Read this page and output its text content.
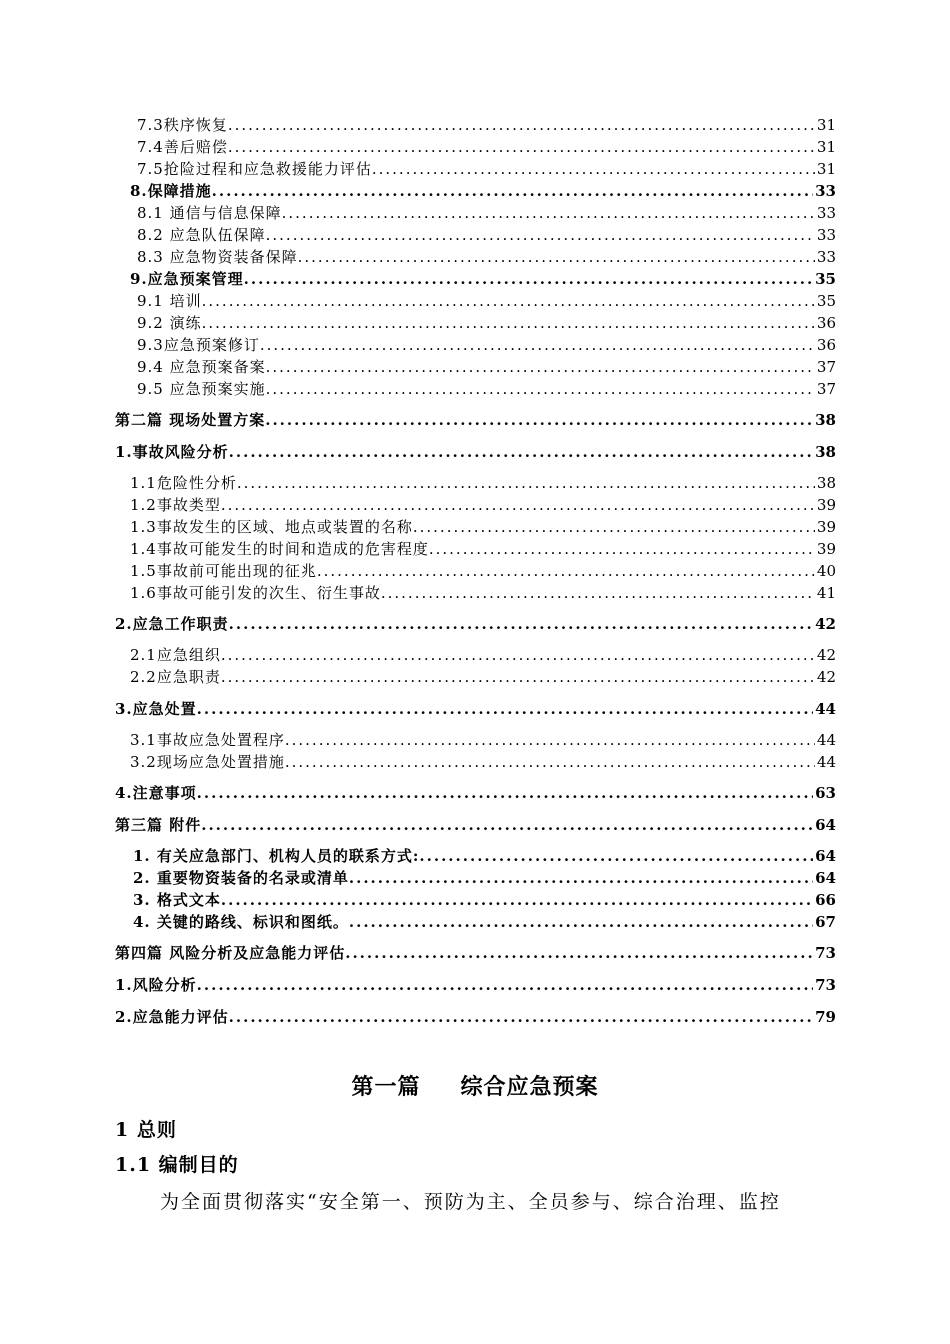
7.3秩序恢复 .....	31
7.4善后赔偿 .....	31
7.5抢险过程和应急救援能力评估 .....	31
8.保障措施 .....	33
8.1 通信与信息保障 .....	33
8.2 应急队伍保障 .....	33
8.3 应急物资装备保障 .....	33
9.应急预案管理 .....	35
9.1 培训 .....	35
9.2 演练 .....	36
9.3应急预案修订 .....	36
9.4 应急预案备案 .....	37
9.5 应急预案实施 .....	37
第二篇 现场处置方案 .....	38
1.事故风险分析 .....	38
1.1危险性分析 .....	38
1.2事故类型 .....	39
1.3事故发生的区域、地点或装置的名称 .....	39
1.4事故可能发生的时间和造成的危害程度 .....	39
1.5事故前可能出现的征兆 .....	40
1.6事故可能引发的次生、衍生事故 .....	41
2.应急工作职责 .....	42
2.1应急组织 .....	42
2.2应急职责 .....	42
3.应急处置 .....	44
3.1事故应急处置程序 .....	44
3.2现场应急处置措施 .....	44
4.注意事项 .....	63
第三篇 附件 .....	64
1. 有关应急部门、机构人员的联系方式: .....	64
2. 重要物资装备的名录或清单 .....	64
3. 格式文本 .....	66
4. 关键的路线、标识和图纸。 .....	67
第四篇 风险分析及应急能力评估 .....	73
1.风险分析 .....	73
2.应急能力评估 .....	79
第一篇 综合应急预案
1 总则
1.1 编制目的
为全面贯彻落实“安全第一、预防为主、全员参与、综合治理、监控
